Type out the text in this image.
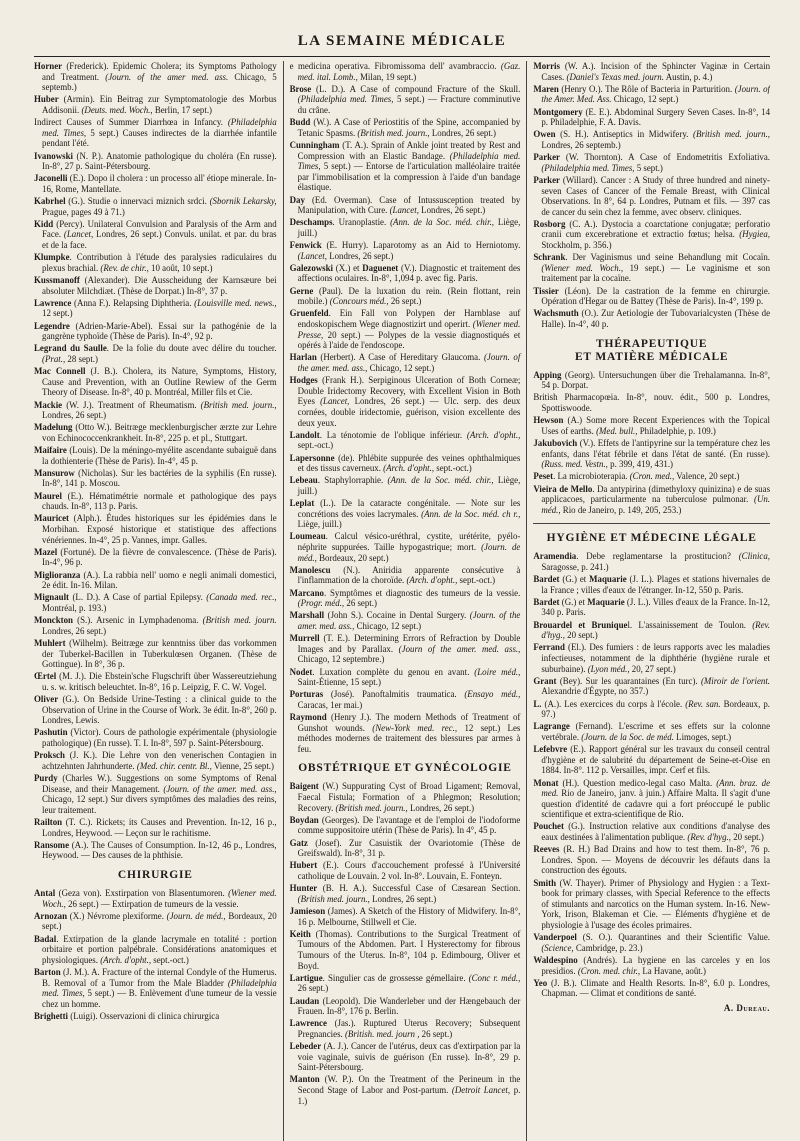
LA SEMAINE MÉDICALE
Horner (Frederick). Epidemic Cholera; its Symptoms Pathology and Treatment. (Journ. of the amer med. ass. Chicago, 5 septemb.)
Huber (Armin). Ein Beitrag zur Symptomatologie des Morbus Addisonii. (Deuts. med. Woch., Berlin, 17 sept.)
Indirect Causes of Summer Diarrhœa in Infancy. (Philadelphia med. Times, 5 sept.) Causes indirectes de la diarrhée infantile pendant l'été.
Ivanowski (N. P.). Anatomie pathologique du choléra (En russe). In-8°, 27 p. Saint-Pétersbourg.
Jaconelli (E.). Dopo il cholera : un processo all' étiope minerale. In-16, Rome, Mantellate.
Kabrhel (G.). Studie o innervaci miznich srdci. (Sbornik Lekarsky, Prague, pages 49 à 71.)
Kidd (Percy). Unilateral Convulsion and Paralysis of the Arm and Face. (Lancet, Londres, 26 sept.) Convuls. unilat. et par. du bras et de la face.
Klumpke. Contribution à l'étude des paralysies radiculaires du plexus brachial. (Rev. de chir., 10 août, 10 sept.)
Kussmanoff (Alexander). Die Ausscheidung der Karnsæure bei absoluter Milchdiæt. (Thèse de Dorpat.) In-8°, 37 p.
Lawrence (Anna F.). Relapsing Diphtheria. (Louisville med. news., 12 sept.)
Legendre (Adrien-Marie-Abel). Essai sur la pathogénie de la gangrène typhoïde (Thèse de Paris). In-4°, 92 p.
Legrand du Saulle. De la folie du doute avec délire du toucher. (Prat., 28 sept.)
Mac Connell (J. B.). Cholera, its Nature, Symptoms, History, Cause and Prevention, with an Outline Rewiew of the Germ Theory of Disease. In-8°, 40 p. Montréal, Miller fils et Cie.
Mackie (W. J.). Treatment of Rheumatism. (British med. journ., Londres, 26 sept.)
Madelung (Otto W.). Beitræge mecklenburgischer ærzte zur Lehre von Echinococcenkrankheit. In-8°, 225 p. et pl., Stuttgart.
Maifaire (Louis). De la méningo-myélite ascendante subaiguë dans la dothienterie (Thèse de Paris). In-4°, 45 p.
Mansurow (Nicholas). Sur les bactéries de la syphilis (En russe). In-8°, 141 p. Moscou.
Maurel (E.). Hématimétrie normale et pathologique des pays chauds. In-8°, 113 p. Paris.
Mauricet (Alph.). Études historiques sur les épidémies dans le Morbihan. Exposé historique et statistique des affections vénériennes. In-4°, 25 p. Vannes, impr. Galles.
Mazel (Fortuné). De la fièvre de convalescence. (Thèse de Paris). In-4°, 96 p.
Miglioranza (A.). La rabbia nell' uomo e negli animali domestici, 2e édit. In-16. Milan.
Mignault (L. D.). A Case of partial Epilepsy. (Canada med. rec., Montréal, p. 193.)
Monckton (S.). Arsenic in Lymphadenoma. (British med. journ. Londres, 26 sept.)
Muhlert (Wilhelm). Beitræge zur kenntniss über das vorkommen der Tuberkel-Bacillen in Tuberkulœsen Organen. (Thèse de Gottingue). In 8°, 36 p.
Œrtel (M. J.). Die Ebstein'sche Flugschrift über Wassereutziehung u. s. w. kritisch beleuchtet. In-8°, 16 p. Leipzig, F. C. W. Vogel.
Oliver (G.). On Bedside Urine-Testing : a clinical guide to the Observation of Urine in the Course of Work. 3e édit. In-8°, 260 p. Londres, Lewis.
Pashutin (Victor). Cours de pathologie expérimentale (physiologie pathologique) (En russe). T. I. In-8°, 597 p. Saint-Pétersbourg.
Proksch (J. K.). Die Lehre von den venerischen Contagien in achtzehnten Jahrhunderte. (Med. chir. centr. Bl., Vienne, 25 sept.)
Purdy (Charles W.). Suggestions on some Symptoms of Renal Disease, and their Management. (Journ. of the amer. med. ass., Chicago, 12 sept.) Sur divers symptômes des maladies des reins, leur traitement.
Railton (T. C.). Rickets; its Causes and Prevention. In-12, 16 p., Londres, Heywood. — Leçon sur le rachitisme.
Ransome (A.). The Causes of Consumption. In-12, 46 p., Londres, Heywood. — Des causes de la phthisie.
CHIRURGIE
Antal (Geza von). Exstirpation von Blasentumoren. (Wiener med. Woch., 26 sept.) — Extirpation de tumeurs de la vessie.
Arnozan (X.) Névrome plexiforme. (Journ. de méd., Bordeaux, 20 sept.)
Badal. Extirpation de la glande lacrymale en totalité : portion orbitaire et portion palpébrale. Considérations anatomiques et physiologiques. (Arch. d'opht., sept.-oct.)
Barton (J. M.). A. Fracture of the internal Condyle of the Humerus. B. Removal of a Tumor from the Male Bladder (Philadelphia med. Times, 5 sept.) — B. Enlèvement d'une tumeur de la vessie chez un homme.
Brighetti (Luigi). Osservazioni di clinica chirurgica
e medicina operativa. Fibromissoma dell' avambraccio. (Gaz. med. ital. Lomb., Milan, 19 sept.)
Brose (L. D.). A Case of compound Fracture of the Skull. (Philadelphia med. Times, 5 sept.) — Fracture comminutive du crâne.
Budd (W.). A Case of Periostitis of the Spine, accompanied by Tetanic Spasms. (British med. journ., Londres, 26 sept.)
Cunningham (T. A.). Sprain of Ankle joint treated by Rest and Compression with an Elastic Bandage. (Philadelphia med. Times, 5 sept.) — Entorse de l'articulation malléolaire traitée par l'immobilisation et la compression à l'aide d'un bandage élastique.
Day (Ed. Overman). Case of Intussusception treated by Manipulation, with Cure. (Lancet, Londres, 26 sept.)
Deschamps. Uranoplastie. (Ann. de la Soc. méd. chir., Liège, juill.)
Fenwick (E. Hurry). Laparotomy as an Aid to Herniotomy. (Lancet, Londres, 26 sept.)
Galezowski (X.) et Daguenet (V.). Diagnostic et traitement des affections oculaires. In-8°, 1,094 p. avec fig. Paris.
Gerne (Paul). De la luxation du rein. (Rein flottant, rein mobile.) (Concours méd., 26 sept.)
Gruenfeld. Ein Fall von Polypen der Harnblase auf endoskopischem Wege diagnostizirt und operirt. (Wiener med. Presse, 20 sept.) — Polypes de la vessie diagnostiqués et opérés à l'aide de l'endoscope.
Harlan (Herbert). A Case of Hereditary Glaucoma. (Journ. of the amer. med. ass., Chicago, 12 sept.)
Hodges (Frank H.). Serpiginous Ulceration of Both Corneæ; Double Iridectomy Recovery, with Excellent Vision in Both Eyes (Lancet, Londres, 26 sept.) — Ulc. serp. des deux cornées, double iridectomie, guérison, vision excellente des deux yeux.
Landolt. La ténotomie de l'oblique inférieur. (Arch. d'opht., sept.-oct.)
Lapersonne (de). Phlébite suppurée des veines ophthalmiques et des tissus caverneux. (Arch. d'opht., sept.-oct.)
Lebeau. Staphylorraphie. (Ann. de la Soc. méd. chir., Liège, juill.)
Leplat (L.). De la cataracte congénitale. — Note sur les concrétions des voies lacrymales. (Ann. de la Soc. méd. ch r., Liège, juill.)
Loumeau. Calcul vésico-uréthral, cystite, urétérite, pyélo-néphrite suppurées. Taille hypogastrique; mort. (Journ. de méd., Bordeaux, 20 sept.)
Manolescu (N.). Aniridia apparente consécutive à l'inflammation de la choroïde. (Arch. d'opht., sept.-oct.)
Marcano. Symptômes et diagnostic des tumeurs de la vessie. (Progr. méd., 26 sept.)
Marshall (John S.). Cocaine in Dental Surgery. (Journ. of the amer. med. ass., Chicago, 12 sept.)
Murrell (T. E.). Determining Errors of Refraction by Double Images and by Parallax. (Journ of the amer. med. ass., Chicago, 12 septembre.)
Nodet. Luxation complète du genou en avant. (Loire méd., Saint-Étienne, 15 sept.)
Porturas (José). Panoftalmitis traumatica. (Ensayo méd., Caracas, 1er mai.)
Raymond (Henry J.). The modern Methods of Treatment of Gunshot wounds. (New-York med. rec., 12 sept.) Les méthodes modernes de traitement des blessures par armes à feu.
OBSTÉTRIQUE ET GYNÉCOLOGIE
Baigent (W.) Suppurating Cyst of Broad Ligament; Removal, Faecal Fistula; Formation of a Phlegmon; Resolution; Recovery. (British med. journ., Londres, 26 sept.)
Boydan (Georges). De l'avantage et de l'emploi de l'iodoforme comme suppositoire utérin (Thèse de Paris). In 4°, 45 p.
Gatz (Josef). Zur Casuistik der Ovariotomie (Thèse de Greifswald). In-8°, 31 p.
Hubert (E.). Cours d'accouchement professé à l'Université catholique de Louvain. 2 vol. In-8°. Louvain, E. Fonteyn.
Hunter (B. H. A.). Successful Case of Cæsarean Section. (British med. journ., Londres, 26 sept.)
Jamieson (James). A Sketch of the History of Midwifery. In-8°, 16 p. Melbourne, Stillwell et Cie.
Keith (Thomas). Contributions to the Surgical Treatment of Tumours of the Abdomen. Part. I Hysterectomy for fibrous Tumours of the Uterus. In-8°, 104 p. Edimbourg, Oliver et Boyd.
Lartigue. Singulier cas de grossesse gémellaire. (Conc r. méd., 26 sept.)
Laudan (Leopold). Die Wanderleber und der Hængebauch der Frauen. In-8°, 176 p. Berlin.
Lawrence (Jas.). Ruptured Uterus Recovery; Subsequent Pregnancies. (British. med. journ , 26 sept.)
Lebeder (A. J.). Cancer de l'utérus, deux cas d'extirpation par la voie vaginale, suivis de guérison (En russe). In-8°, 29 p. Saint-Pétersbourg.
Manton (W. P.). On the Treatment of the Perineum in the Second Stage of Labor and Post-partum. (Detroit Lancet, p. 1.)
Morris (W. A.). Incision of the Sphincter Vaginæ in Certain Cases. (Daniel's Texas med. journ. Austin, p. 4.)
Maren (Henry O.). The Rôle of Bacteria in Parturition. (Journ. of the Amer. Med. Ass. Chicago, 12 sept.)
Montgomery (E. E.). Abdominal Surgery Seven Cases. In-8°, 14 p. Philadelphie, F. A. Davis.
Owen (S. H.). Antiseptics in Midwifery. (British med. journ., Londres, 26 septemb.)
Parker (W. Thornton). A Case of Endometritis Exfoliativa. (Philadelphia med. Times, 5 sept.)
Parker (Willard). Cancer : A Study of three hundred and ninety-seven Cases of Cancer of the Female Breast, with Clinical Observations. In 8°, 64 p. Londres, Putnam et fils. — 397 cas de cancer du sein chez la femme, avec observ. cliniques.
Rosborg (C. A.). Dystocia a coarctatione conjugatæ; perforatio cranii cum excerebratione et extractio fœtus; helsa. (Hygiea, Stockholm, p. 356.)
Schrank. Der Vaginismus und seine Behandlung mit Cocaïn. (Wiener med. Woch., 19 sept.) — Le vaginisme et son traitement par la cocaïne.
Tissier (Léon). De la castration de la femme en chirurgie. Opération d'Hegar ou de Battey (Thèse de Paris). In-4°, 199 p.
Wachsmuth (O.). Zur Aetiologie der Tubovarialcysten (Thèse de Halle). In-4°, 40 p.
THÉRAPEUTIQUE
ET MATIÈRE MÉDICALE
Apping (Georg). Untersuchungen über die Trehalamanna. In-8°, 54 p. Dorpat.
British Pharmacopœia. In-8°, nouv. édit., 500 p. Londres, Spottiswoode.
Hewson (A.) Some more Recent Experiences with the Topical Uses of earths. (Med. bull., Philadelphie, p. 109.)
Jakubovich (V.). Effets de l'antipyrine sur la température chez les enfants, dans l'état fébrile et dans l'état de santé. (En russe). (Russ. med. Vestn., p. 399, 419, 431.)
Peset. La microbioterapia. (Cron. med., Valence, 20 sept.)
Vieira de Mello. Da antypirina (dimethyloxy quinizina) e de suas applicacoes, particularmente na tuberculose pulmonar. (Un. méd., Rio de Janeiro, p. 149, 205, 253.)
HYGIÈNE ET MÉDECINE LÉGALE
Aramendia. Debe reglamentarse la prostitucion? (Clinica, Saragosse, p. 241.)
Bardet (G.) et Maquarie (J. L.). Plages et stations hivernales de la France ; villes d'eaux de l'étranger. In-12, 550 p. Paris.
Bardet (G.) et Maquarie (J. L.). Villes d'eaux de la France. In-12, 340 p. Paris.
Brouardel et Bruniquel. L'assainissement de Toulon. (Rev. d'hyg., 20 sept.)
Ferrand (El.). Des fumiers : de leurs rapports avec les maladies infectieuses, notamment de la diphthérie (hygiène rurale et suburbaine). (Lyon méd., 20, 27 sept.)
Grant (Bey). Sur les quarantaines (En turc). (Miroir de l'orient. Alexandrie d'Égypte, no 357.)
L. (A.). Les exercices du corps à l'école. (Rev. san. Bordeaux, p. 97.)
Lagrange (Fernand). L'escrime et ses effets sur la colonne vertébrale. (Journ. de la Soc. de méd. Limoges, sept.)
Lefebvre (E.). Rapport général sur les travaux du conseil central d'hygiène et de salubrité du département de Seine-et-Oise en 1884. In-8°. 112 p. Versailles, impr. Cerf et fils.
Monat (H.). Question medico-legal caso Malta. (Ann. braz. de med. Rio de Janeiro, janv. à juin.) Affaire Malta. Il s'agit d'une question d'identité de cadavre qui a fort préoccupé le public scientifique et extra-scientifique de Rio.
Pouchet (G.). Instruction relative aux conditions d'analyse des eaux destinées à l'alimentation publique. (Rev. d'hyg., 20 sept.)
Reeves (R. H.) Bad Drains and how to test them. In-8°, 76 p. Londres. Spon. — Moyens de découvrir les défauts dans la construction des égouts.
Smith (W. Thayer). Primer of Physiology and Hygien : a Text-book for primary classes, with Special Reference to the effects of stimulants and narcotics on the Human system. In-16. New-York, Irison, Blakeman et Cie. — Éléments d'hygiène et de physiologie à l'usage des écoles primaires.
Vanderpoel (S. O.). Quarantines and their Scientific Value. (Science, Cambridge, p. 23.)
Waldespino (Andrés). La hygiene en las carceles y en los presidios. (Cron. med. chir., La Havane, août.)
Yeo (J. B.). Climate and Health Resorts. In-8°, 6.0 p. Londres, Chapman. — Climat et conditions de santé.
A. Dureau.
